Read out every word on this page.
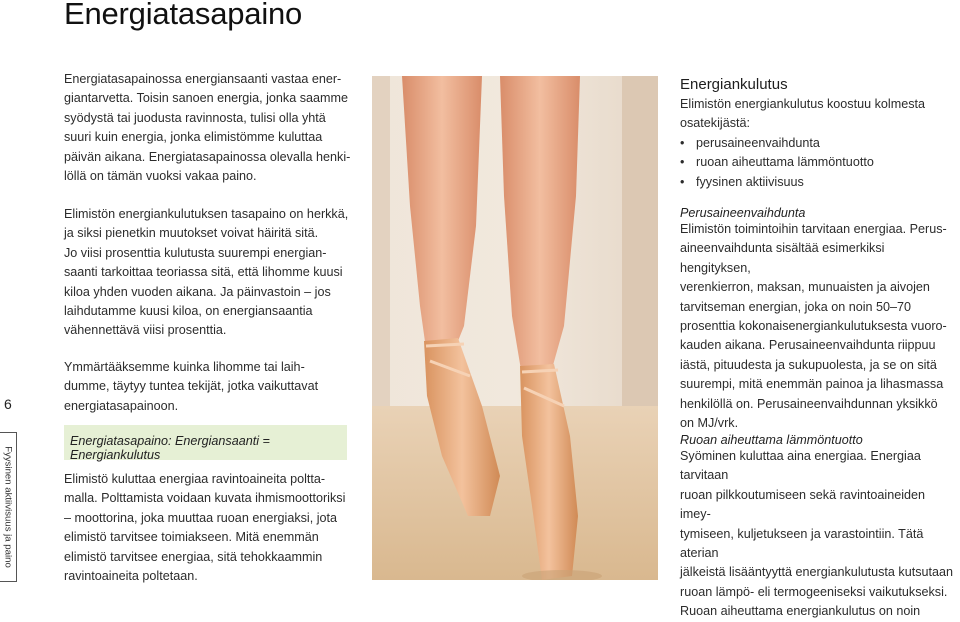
Energiatasapaino

Energiatasapainossa energiansaanti vastaa ener-
giantarvetta. Toisin sanoen energia, jonka saamme
syödystä tai juodusta ravinnosta, tulisi olla yhtä
suuri kuin energia, jonka elimistömme kuluttaa
päivän aikana. Energiatasapainossa olevalla henki-
löllä on tämän vuoksi vakaa paino.

Elimistön energiankulutuksen tasapaino on herkkä,
ja siksi pienetkin muutokset voivat häiritä sitä.
Jo viisi prosenttia kulutusta suurempi energian-
saanti tarkoittaa teoriassa sitä, että lihomme kuusi
kiloa yhden vuoden aikana. Ja päinvastoin – jos
laihdutamme kuusi kiloa, on energiansaantia
vähennettävä viisi prosenttia.

Ymmärtääksemme kuinka lihomme tai laih-
dumme, täytyy tuntea tekijät, jotka vaikuttavat
energiatasapainoon.

Energiatasapaino: Energiansaanti = Energiankulutus

Elimistö kuluttaa energiaa ravintoaineita poltta-
malla. Polttamista voidaan kuvata ihmismoottoriksi
– moottorina, joka muuttaa ruoan energiaksi, jota
elimistö tarvitsee toimiakseen. Mitä enemmän
elimistö tarvitsee energiaa, sitä tehokkaammin
ravintoaineita poltetaan.

6
Fyysinen aktiivisuus ja paino
Energiankulutus

Elimistön energiankulutus koostuu kolmesta
osatekijästä:

• perusaineenvaihdunta
• ruoan aiheuttama lämmöntuotto
• fyysinen aktiivisuus
Perusaineenvaihdunta

Elimistön toimintoihin tarvitaan energiaa. Perus-
aineenvaihdunta sisältää esimerkiksi hengityksen,
verenkierron, maksan, munuaisten ja aivojen
tarvitseman energian, joka on noin 50–70
prosenttia kokonaisenergiankulutuksesta vuoro-
kauden aikana. Perusaineenvaihdunta riippuu
iästä, pituudesta ja sukupuolesta, ja se on sitä
suurempi, mitä enemmän painoa ja lihasmassa
henkilöllä on. Perusaineenvaihdunnan yksikkö
on MJ/vrk.

Ruoan aiheuttama lämmöntuotto

Syöminen kuluttaa aina energiaa. Energiaa tarvitaan
ruoan pilkkoutumiseen sekä ravintoaineiden imey-
tymiseen, kuljetukseen ja varastointiin. Tätä aterian
jälkeistä lisääntyyttä energiankulutusta kutsutaan
ruoan lämpö- eli termogeeniseksi vaikutukseksi.
Ruoan aiheuttama energiankulutus on noin
